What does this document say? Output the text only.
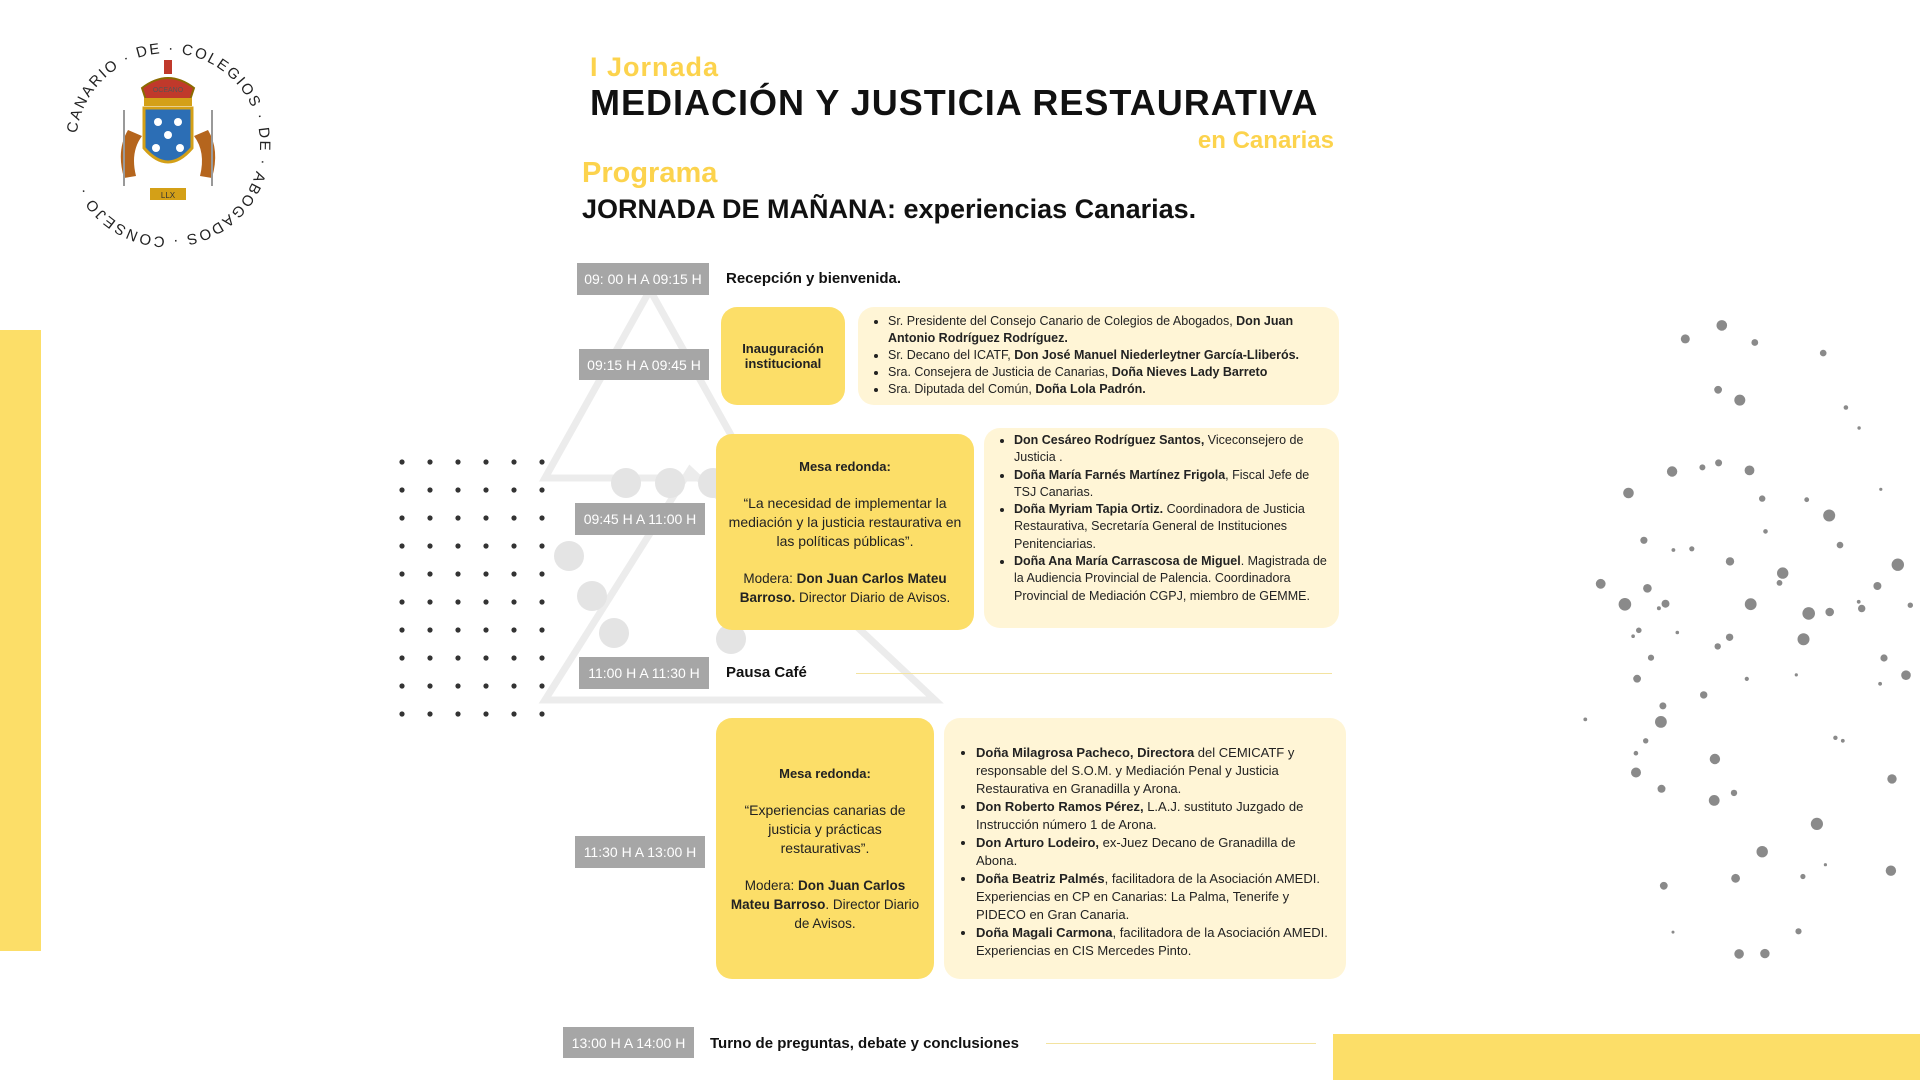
CANARIO · DE · COLEGIOS · DE · ABOGADOS · CONSEJO ·
OCEANO
LLX
I Jornada
MEDIACIÓN Y JUSTICIA RESTAURATIVA
en Canarias
Programa
JORNADA DE MAÑANA: experiencias Canarias.
09: 00 H A 09:15 H	Recepción y bienvenida.
09:15 H A 09:45 H
Inauguración institucional
• Sr. Presidente del Consejo Canario de Colegios de Abogados, Don Juan Antonio Rodríguez Rodríguez.
• Sr. Decano del ICATF, Don José Manuel Niederleytner García-Lliberós.
• Sra. Consejera de Justicia de Canarias, Doña Nieves Lady Barreto
• Sra. Diputada del Común, Doña Lola Padrón.
09:45 H A 11:00 H
Mesa redonda:
“La necesidad de implementar la mediación y la justicia restaurativa en las políticas públicas”.
Modera: Don Juan Carlos Mateu Barroso. Director Diario de Avisos.
• Don Cesáreo Rodríguez Santos, Viceconsejero de Justicia .
• Doña María Farnés Martínez Frigola, Fiscal Jefe de TSJ Canarias.
• Doña Myriam Tapia Ortiz. Coordinadora de Justicia Restaurativa, Secretaría General de Instituciones Penitenciarias.
• Doña Ana María Carrascosa de Miguel. Magistrada de la Audiencia Provincial de Palencia. Coordinadora Provincial de Mediación CGPJ, miembro de GEMME.
11:00 H A 11:30 H	Pausa Café
11:30 H A 13:00 H
Mesa redonda:
“Experiencias canarias de justicia y prácticas restaurativas”.
Modera: Don Juan Carlos Mateu Barroso. Director Diario de Avisos.
• Doña Milagrosa Pacheco, Directora del CEMICATF y responsable del S.O.M. y Mediación Penal y Justicia Restaurativa en Granadilla y Arona.
• Don Roberto Ramos Pérez, L.A.J. sustituto Juzgado de Instrucción número 1 de Arona.
• Don Arturo Lodeiro, ex-Juez Decano de Granadilla de Abona.
• Doña Beatriz Palmés, facilitadora de la Asociación AMEDI. Experiencias en CP en Canarias: La Palma, Tenerife y PIDECO en Gran Canaria.
• Doña Magali Carmona, facilitadora de la Asociación AMEDI. Experiencias en CIS Mercedes Pinto.
13:00 H A 14:00 H	Turno de preguntas, debate y conclusiones
